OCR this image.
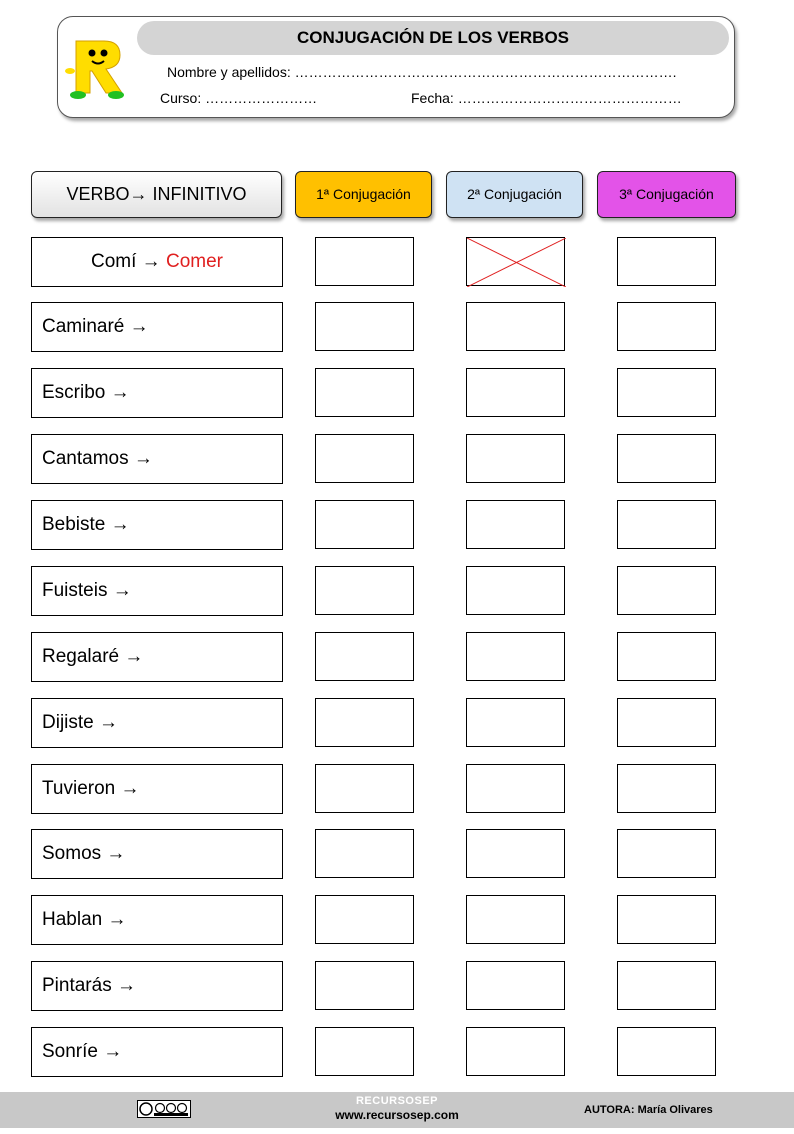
CONJUGACIÓN DE LOS VERBOS
Nombre y apellidos: ……………………………………………………………………….
Curso: ……………………	Fecha: …………………………………………
VERBO→ INFINITIVO	1ª Conjugación	2ª Conjugación	3ª Conjugación
Comí → Comer
Caminaré →
Escribo →
Cantamos →
Bebiste →
Fuisteis →
Regalaré →
Dijiste →
Tuvieron →
Somos →
Hablan →
Pintarás →
Sonríe →
RECURSOSEP
www.recursosep.com	AUTORA: María Olivares
